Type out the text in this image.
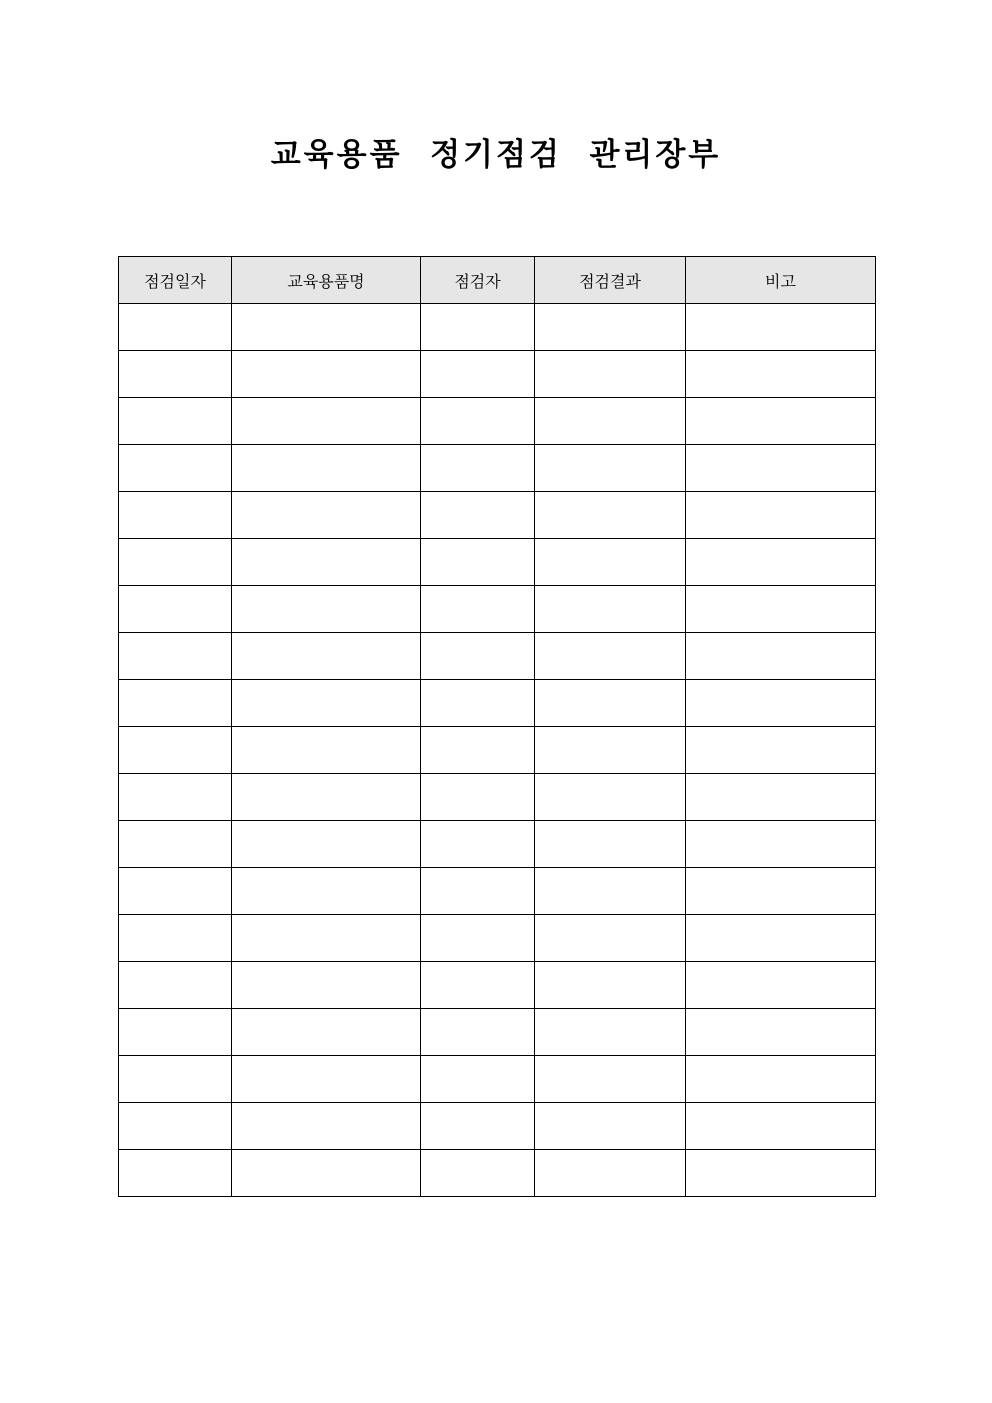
교육용품  정기점검  관리장부
점검일자	교육용품명	점검자	점검결과	비고
